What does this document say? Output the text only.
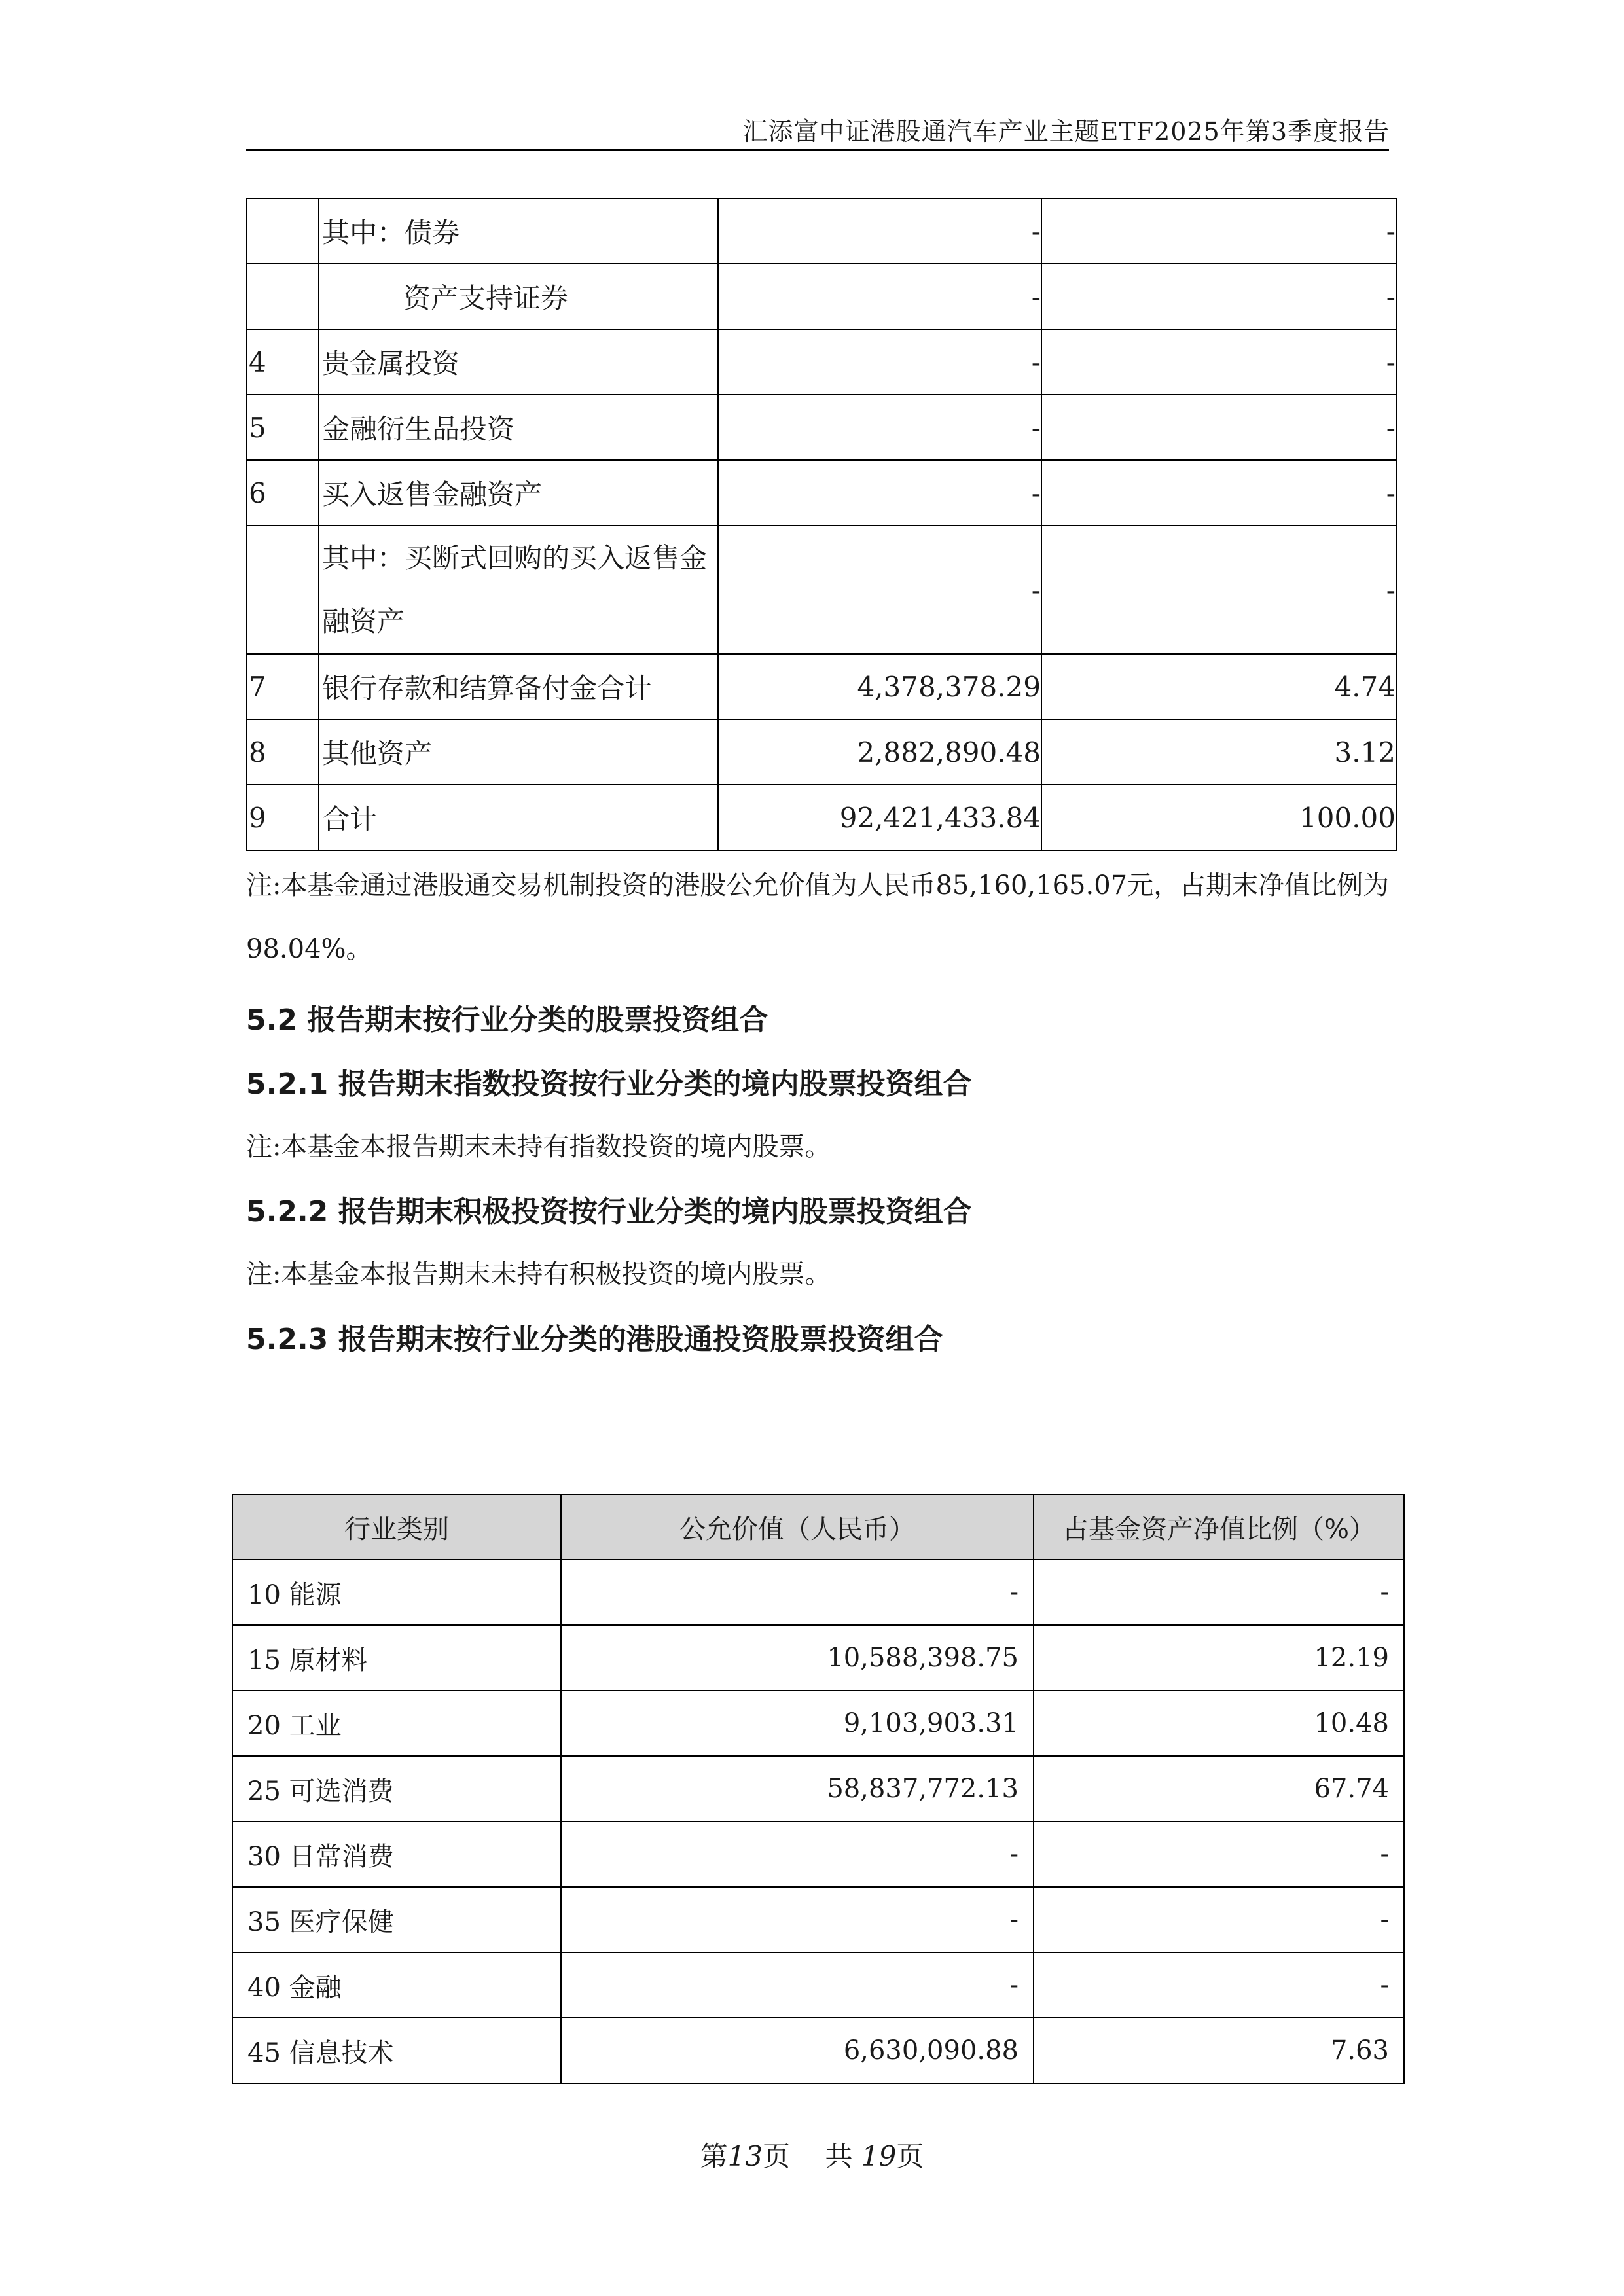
汇添富中证港股通汽车产业主题ETF2025年第3季度报告
	其中：债券	-	-
	资产支持证券	-	-
4	贵金属投资	-	-
5	金融衍生品投资	-	-
6	买入返售金融资产	-	-
	其中：买断式回购的买入返售金融资产	-	-
7	银行存款和结算备付金合计	4,378,378.29	4.74
8	其他资产	2,882,890.48	3.12
9	合计	92,421,433.84	100.00

注:本基金通过港股通交易机制投资的港股公允价值为人民币85,160,165.07元，占期末净值比例为98.04%。

5.2 报告期末按行业分类的股票投资组合
5.2.1 报告期末指数投资按行业分类的境内股票投资组合

注:本基金本报告期末未持有指数投资的境内股票。

5.2.2 报告期末积极投资按行业分类的境内股票投资组合

注:本基金本报告期末未持有积极投资的境内股票。

5.2.3 报告期末按行业分类的港股通投资股票投资组合
行业类别	公允价值（人民币）	占基金资产净值比例（%）
10 能源	-	-
15 原材料	10,588,398.75	12.19
20 工业	9,103,903.31	10.48
25 可选消费	58,837,772.13	67.74
30 日常消费	-	-
35 医疗保健	-	-
40 金融	-	-
45 信息技术	6,630,090.88	7.63
第13页 共 19页
